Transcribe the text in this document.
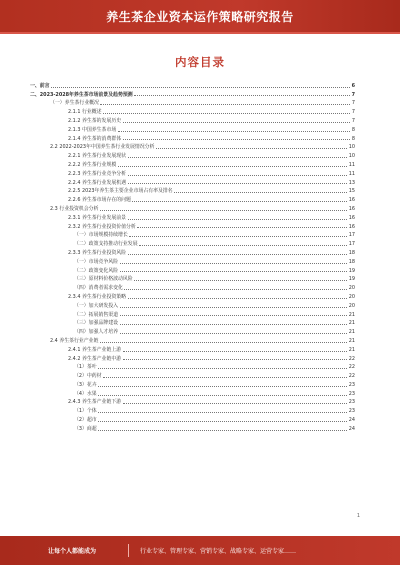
养生茶企业资本运作策略研究报告
内容目录
一、前言	6
二、2023-2028年养生茶市场前景及趋势预测	7
（一）养生茶行业概况	7
2.1.1 行业概述	7
2.1.2 养生茶的发展历史	7
2.1.3 中国养生茶市场	8
2.1.4 养生茶的消费群体	8
2.2 2022-2023年中国养生茶行业发展情况分析	10
2.2.1 养生茶行业发展现状	10
2.2.2 养生茶行业规模	11
2.2.3 养生茶行业竞争分析	11
2.2.4 养生茶行业发展机遇	13
2.2.5 2023年养生茶主要企业市场占有率及排名	15
2.2.6 养生茶市场存在的问题	16
2.3 行业投资机会分析	16
2.3.1 养生茶行业发展前景	16
2.3.2 养生茶行业投资价值分析	16
（一）市场规模持续增长	17
（二）政策支持推动行业发展	17
2.3.3 养生茶行业投资风险	18
（一）市场竞争风险	18
（二）政策变化风险	19
（三）原材料价格波动风险	19
（四）消费者需求变化	20
2.3.4 养生茶行业投资策略	20
（一）加大研发投入	20
（二）拓展销售渠道	21
（三）加强品牌建设	21
（四）加强人才培养	21
2.4 养生茶行业产业链	21
2.4.1 养生茶产业链上游	21
2.4.2 养生茶产业链中游	22
（1）茶叶	22
（2）中药材	22
（3）花卉	23
（4）水果	23
2.4.3 养生茶产业链下游	23
（1）个体	23
（2）超市	24
（3）商超	24
1
让每个人都能成为	行业专家、管理专家、营销专家、战略专家、运营专家……
